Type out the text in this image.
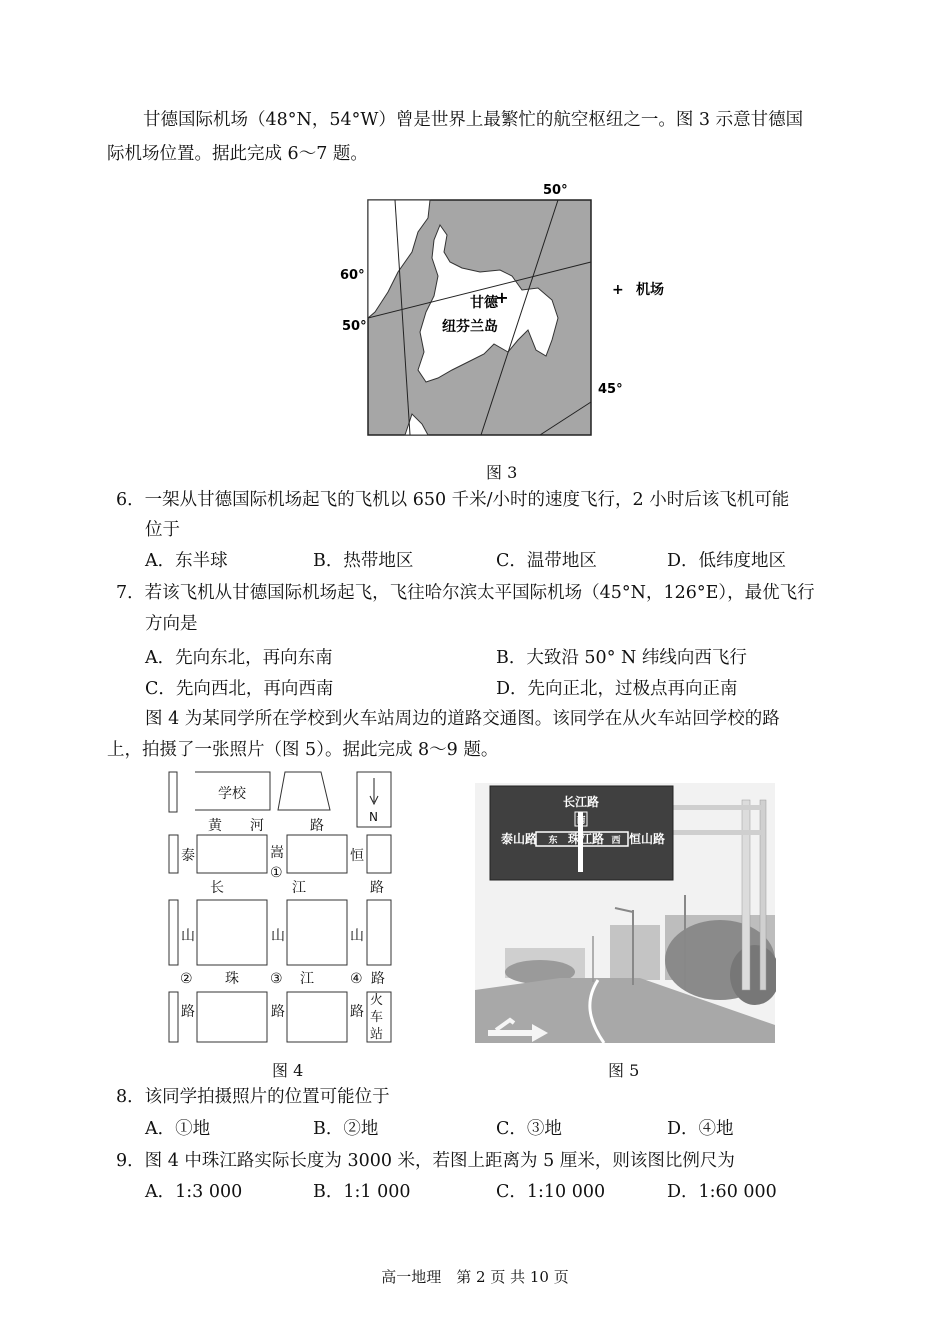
甘德国际机场（48°N，54°W）曾是世界上最繁忙的航空枢纽之一。图 3 示意甘德国
际机场位置。据此完成 6～7 题。
+
50°
60°
50°
45°
甘德
纽芬兰岛
+ 机场
图 3
6．一架从甘德国际机场起飞的飞机以 650 千米/小时的速度飞行，2 小时后该飞机可能
位于
A．东半球	B．热带地区	C．温带地区	D．低纬度地区
7．若该飞机从甘德国际机场起飞，飞往哈尔滨太平国际机场（45°N，126°E），最优飞行
方向是
A．先向东北，再向东南	B．大致沿 50° N 纬线向西飞行
C．先向西北，再向西南	D．先向正北，过极点再向正南
图 4 为某同学所在学校到火车站周边的道路交通图。该同学在从火车站回学校的路
上，拍摄了一张照片（图 5）。据此完成 8～9 题。
学校
N
黄 河	路
泰	嵩	恒
①
长	江	路
山	山	山
② 珠 ③ 江	④ 路
路	路	路
火
车
站
图 4
长江路
南
泰山路 东 珠江路 西 恒山路
图 5
8．该同学拍摄照片的位置可能位于
A．①地	B．②地	C．③地	D．④地
9．图 4 中珠江路实际长度为 3000 米，若图上距离为 5 厘米，则该图比例尺为
A．1:3 000	B．1:1 000	C．1:10 000	D．1:60 000
高一地理　第 2 页 共 10 页
